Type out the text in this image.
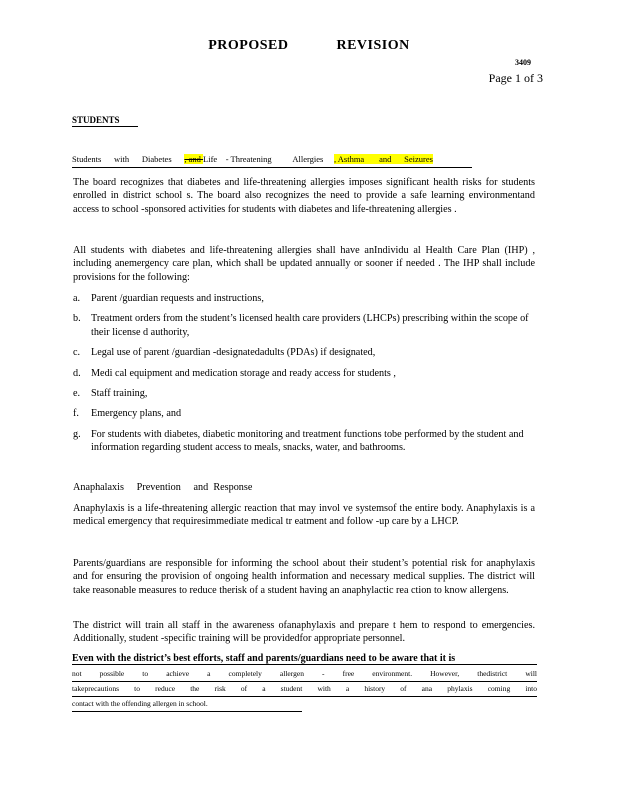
PROPOSED	REVISION
3409
Page 1 of 3
STUDENTS
Students      with      Diabetes      , and Life    - Threatening          Allergies     , Asthma       and      Seizures
The board recognizes that diabetes and life-threatening allergies imposes significant health risks for students enrolled in district school s. The board also recognizes the need to provide a safe learning environmentand access to school -sponsored activities for students with diabetes and life-threatening allergies .
All students with diabetes and life-threatening allergies shall have anIndividu al Health Care Plan (IHP) , including anemergency care plan, which shall be updated annually or sooner if needed . The IHP shall include provisions for the following:
a. Parent /guardian requests and instructions,
b. Treatment orders from the student’s licensed health care providers (LHCPs) prescribing within the scope of their license d authority,
c. Legal use of parent /guardian -designatedadults (PDAs) if designated,
d. Medi cal equipment and medication storage and ready access for students ,
e. Staff training,
f. Emergency plans, and
g. For students with diabetes, diabetic monitoring and treatment functions tobe performed by the student and information regarding student access to meals, snacks, water, and bathrooms.
Anaphalaxis     Prevention     and  Response
Anaphylaxis is a life-threatening allergic reaction that may invol ve systemsof the entire body. Anaphylaxis is a medical emergency that requiresimmediate medical tr eatment and follow -up care by a LHCP.
Parents/guardians are responsible for informing the school about their student’s potential risk for anaphylaxis and for ensuring the provision of ongoing health information and necessary medical supplies. The district will take reasonable measures to reduce therisk of a student having an anaphylactic rea ction to know allergens.
The district will train all staff in the awareness ofanaphylaxis and prepare t hem to respond to emergencies. Additionally, student -specific training will be providedfor appropriate personnel.
Even with the district’s best efforts, staff and parents/guardians need to be aware that it is
not possible to achieve a completely allergen - free environment. However, thedistrict will
takeprecautions to reduce the risk of a student with a history of ana phylaxis coming into
contact with the offending allergen in school.
